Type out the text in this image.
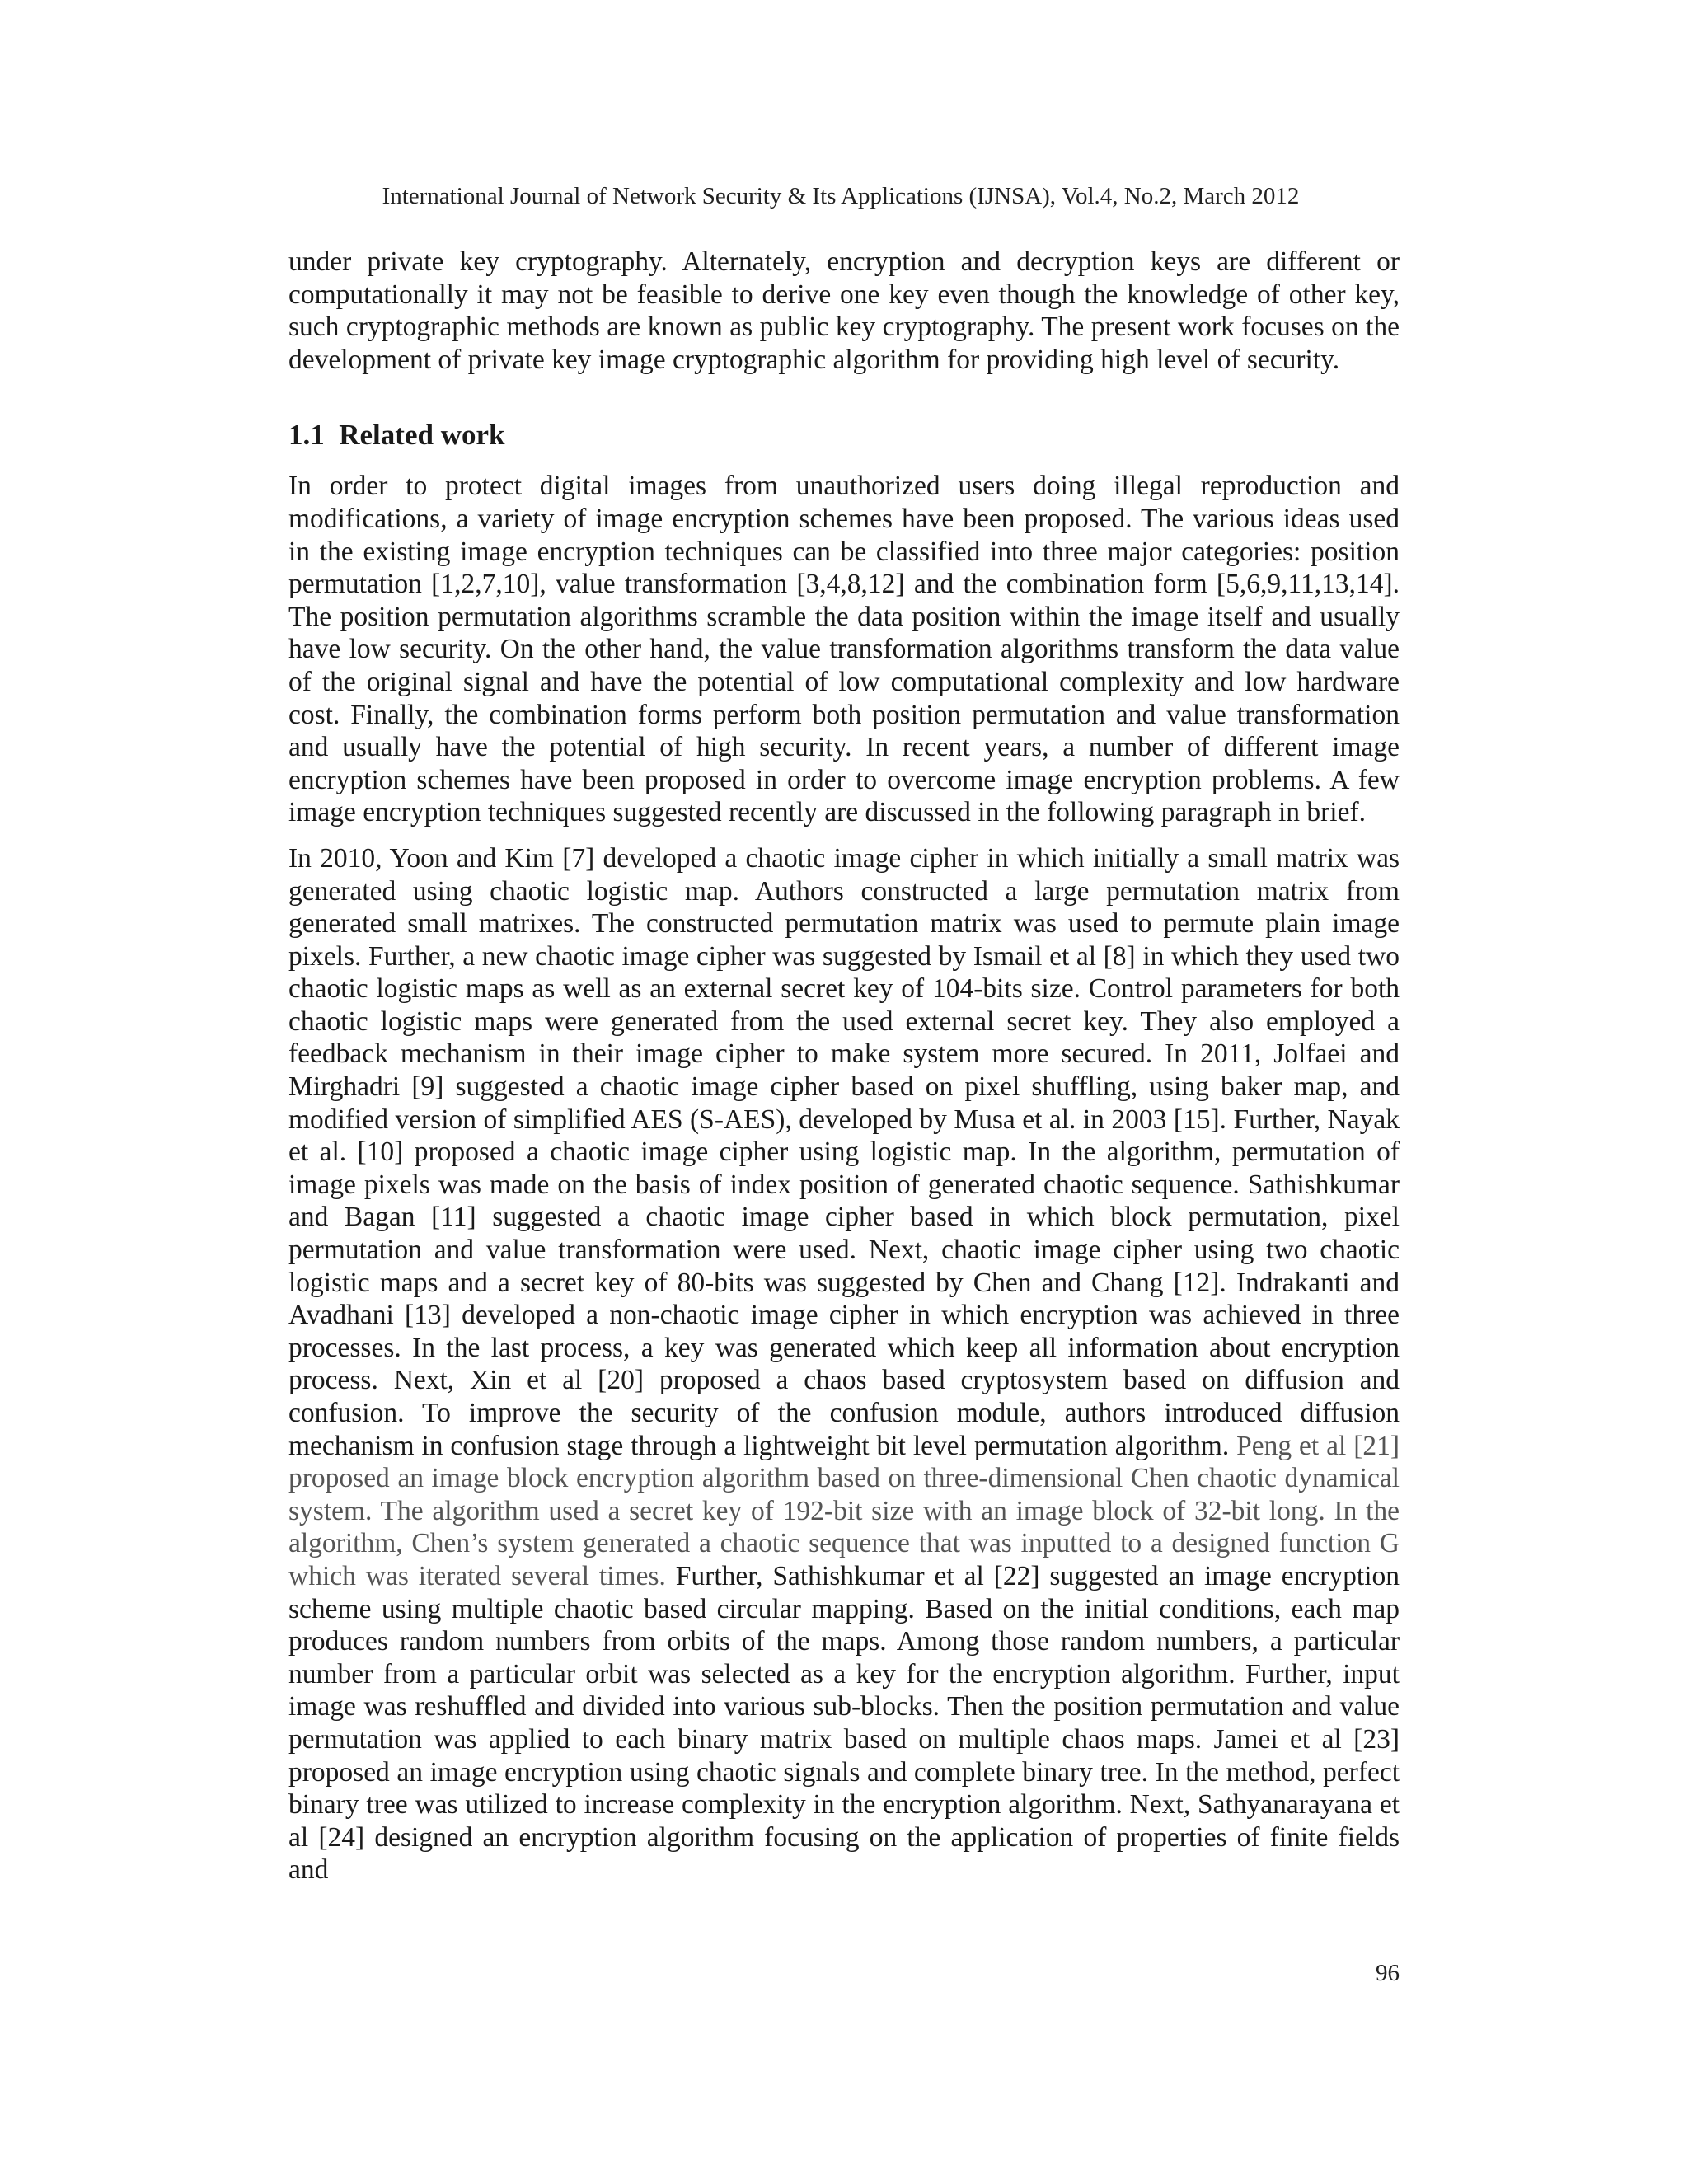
International Journal of Network Security & Its Applications (IJNSA), Vol.4, No.2, March 2012

under private key cryptography. Alternately, encryption and decryption keys are different or computationally it may not be feasible to derive one key even though the knowledge of other key, such cryptographic methods are known as public key cryptography. The present work focuses on the development of private key image cryptographic algorithm for providing high level of security.

1.1 Related work

In order to protect digital images from unauthorized users doing illegal reproduction and modifications, a variety of image encryption schemes have been proposed. The various ideas used in the existing image encryption techniques can be classified into three major categories: position permutation [1,2,7,10], value transformation [3,4,8,12] and the combination form [5,6,9,11,13,14]. The position permutation algorithms scramble the data position within the image itself and usually have low security. On the other hand, the value transformation algorithms transform the data value of the original signal and have the potential of low computational complexity and low hardware cost. Finally, the combination forms perform both position permutation and value transformation and usually have the potential of high security. In recent years, a number of different image encryption schemes have been proposed in order to overcome image encryption problems. A few image encryption techniques suggested recently are discussed in the following paragraph in brief.

In 2010, Yoon and Kim [7] developed a chaotic image cipher in which initially a small matrix was generated using chaotic logistic map. Authors constructed a large permutation matrix from generated small matrixes. The constructed permutation matrix was used to permute plain image pixels. Further, a new chaotic image cipher was suggested by Ismail et al [8] in which they used two chaotic logistic maps as well as an external secret key of 104-bits size. Control parameters for both chaotic logistic maps were generated from the used external secret key. They also employed a feedback mechanism in their image cipher to make system more secured. In 2011, Jolfaei and Mirghadri [9] suggested a chaotic image cipher based on pixel shuffling, using baker map, and modified version of simplified AES (S-AES), developed by Musa et al. in 2003 [15]. Further, Nayak et al. [10] proposed a chaotic image cipher using logistic map. In the algorithm, permutation of image pixels was made on the basis of index position of generated chaotic sequence. Sathishkumar and Bagan [11] suggested a chaotic image cipher based in which block permutation, pixel permutation and value transformation were used. Next, chaotic image cipher using two chaotic logistic maps and a secret key of 80-bits was suggested by Chen and Chang [12]. Indrakanti and Avadhani [13] developed a non-chaotic image cipher in which encryption was achieved in three processes. In the last process, a key was generated which keep all information about encryption process. Next, Xin et al [20] proposed a chaos based cryptosystem based on diffusion and confusion. To improve the security of the confusion module, authors introduced diffusion mechanism in confusion stage through a lightweight bit level permutation algorithm. Peng et al [21] proposed an image block encryption algorithm based on three-dimensional Chen chaotic dynamical system. The algorithm used a secret key of 192-bit size with an image block of 32-bit long. In the algorithm, Chen’s system generated a chaotic sequence that was inputted to a designed function G which was iterated several times. Further, Sathishkumar et al [22] suggested an image encryption scheme using multiple chaotic based circular mapping. Based on the initial conditions, each map produces random numbers from orbits of the maps. Among those random numbers, a particular number from a particular orbit was selected as a key for the encryption algorithm. Further, input image was reshuffled and divided into various sub-blocks. Then the position permutation and value permutation was applied to each binary matrix based on multiple chaos maps. Jamei et al [23] proposed an image encryption using chaotic signals and complete binary tree. In the method, perfect binary tree was utilized to increase complexity in the encryption algorithm. Next, Sathyanarayana et al [24] designed an encryption algorithm focusing on the application of properties of finite fields and

96
